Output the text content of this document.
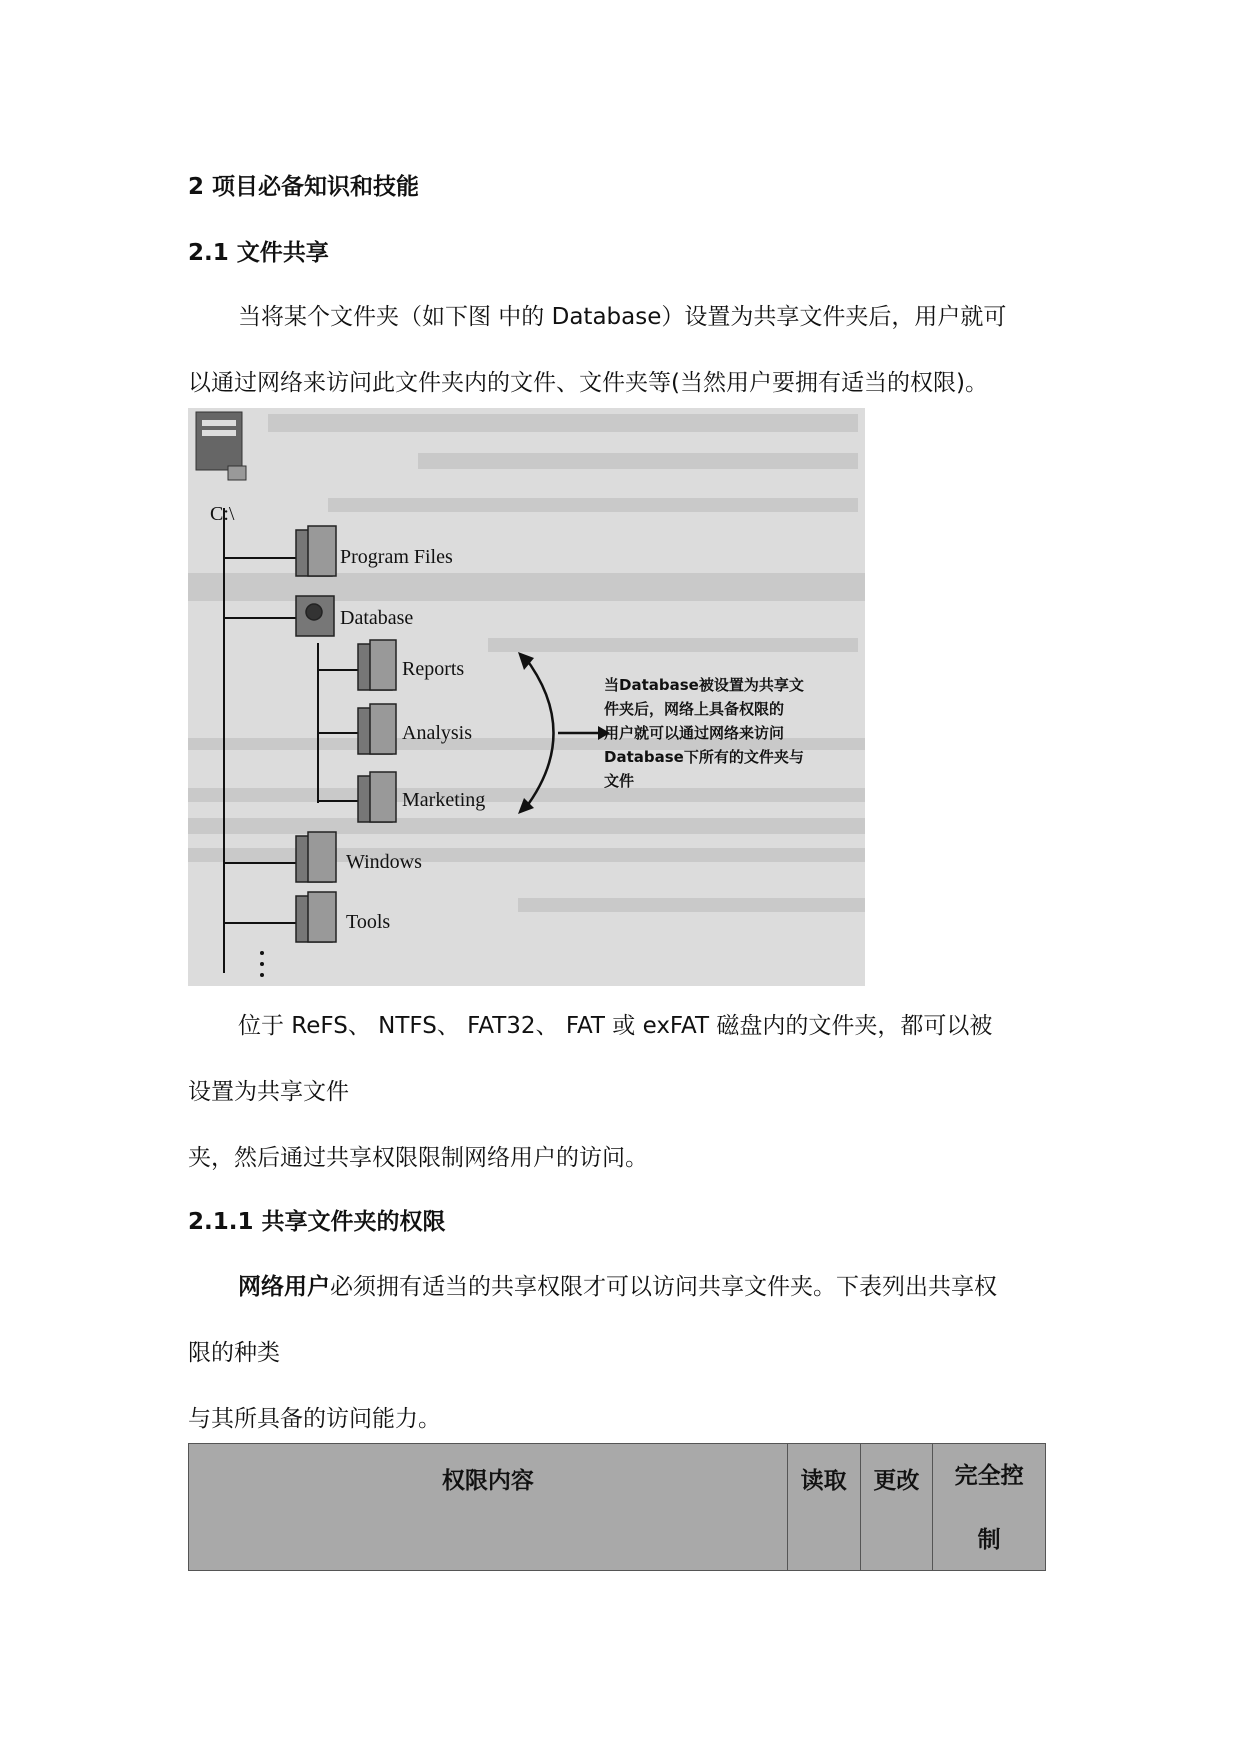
2 项目必备知识和技能
2.1 文件共享
当将某个文件夹（如下图 中的 Database）设置为共享文件夹后，用户就可
以通过网络来访问此文件夹内的文件、文件夹等(当然用户要拥有适当的权限)。
C:\
Program Files
Database
Reports
Analysis
Marketing
Windows
Tools
当Database被设置为共享文
件夹后，网络上具备权限的
用户就可以通过网络来访问
Database下所有的文件夹与
文件
位于 ReFS、 NTFS、 FAT32、 FAT 或 exFAT 磁盘内的文件夹，都可以被
设置为共享文件
夹，然后通过共享权限限制网络用户的访问。
2.1.1 共享文件夹的权限
网络用户必须拥有适当的共享权限才可以访问共享文件夹。下表列出共享权
限的种类
与其所具备的访问能力。
权限内容	读取	更改	完全控
制
